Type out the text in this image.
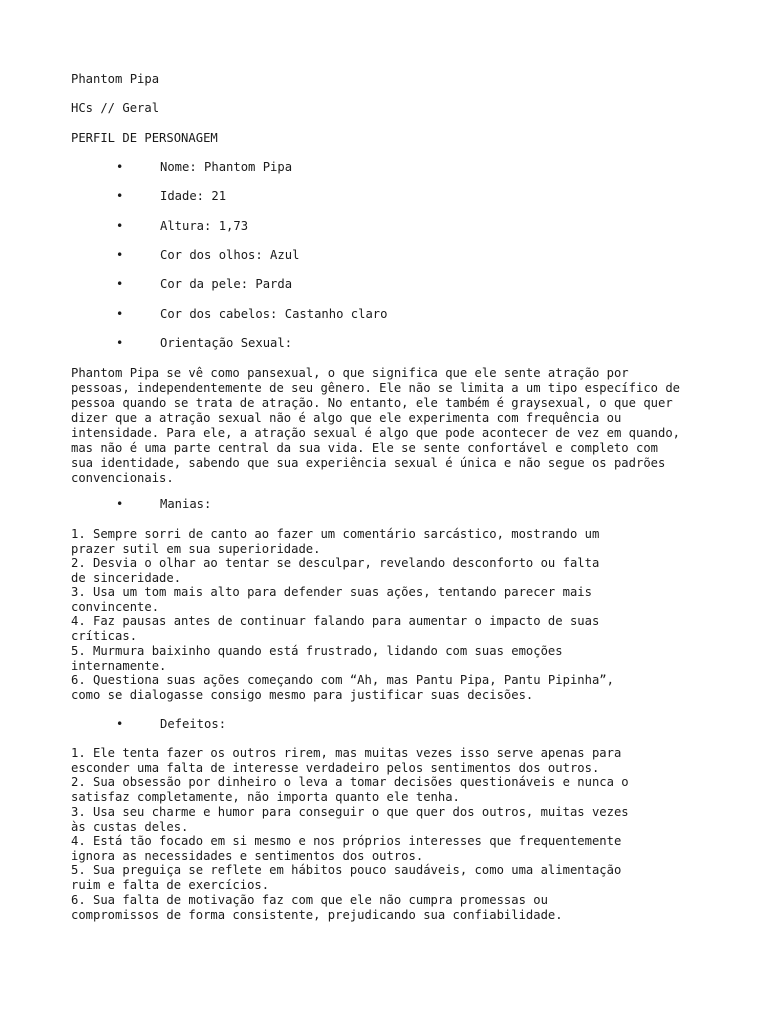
Phantom Pipa
HCs // Geral
PERFIL DE PERSONAGEM
•	Nome: Phantom Pipa
•	Idade: 21
•	Altura: 1,73
•	Cor dos olhos: Azul
•	Cor da pele: Parda
•	Cor dos cabelos: Castanho claro
•	Orientação Sexual:
Phantom Pipa se vê como pansexual, o que significa que ele sente atração por
pessoas, independentemente de seu gênero. Ele não se limita a um tipo específico de
pessoa quando se trata de atração. No entanto, ele também é graysexual, o que quer
dizer que a atração sexual não é algo que ele experimenta com frequência ou
intensidade. Para ele, a atração sexual é algo que pode acontecer de vez em quando,
mas não é uma parte central da sua vida. Ele se sente confortável e completo com
sua identidade, sabendo que sua experiência sexual é única e não segue os padrões
convencionais.
•	Manias:
1. Sempre sorri de canto ao fazer um comentário sarcástico, mostrando um
prazer sutil em sua superioridade.
2. Desvia o olhar ao tentar se desculpar, revelando desconforto ou falta
de sinceridade.
3. Usa um tom mais alto para defender suas ações, tentando parecer mais
convincente.
4. Faz pausas antes de continuar falando para aumentar o impacto de suas
críticas.
5. Murmura baixinho quando está frustrado, lidando com suas emoções
internamente.
6. Questiona suas ações começando com “Ah, mas Pantu Pipa, Pantu Pipinha”,
como se dialogasse consigo mesmo para justificar suas decisões.
•	Defeitos:
1. Ele tenta fazer os outros rirem, mas muitas vezes isso serve apenas para
esconder uma falta de interesse verdadeiro pelos sentimentos dos outros.
2. Sua obsessão por dinheiro o leva a tomar decisões questionáveis e nunca o
satisfaz completamente, não importa quanto ele tenha.
3. Usa seu charme e humor para conseguir o que quer dos outros, muitas vezes
às custas deles.
4. Está tão focado em si mesmo e nos próprios interesses que frequentemente
ignora as necessidades e sentimentos dos outros.
5. Sua preguiça se reflete em hábitos pouco saudáveis, como uma alimentação
ruim e falta de exercícios.
6. Sua falta de motivação faz com que ele não cumpra promessas ou
compromissos de forma consistente, prejudicando sua confiabilidade.
